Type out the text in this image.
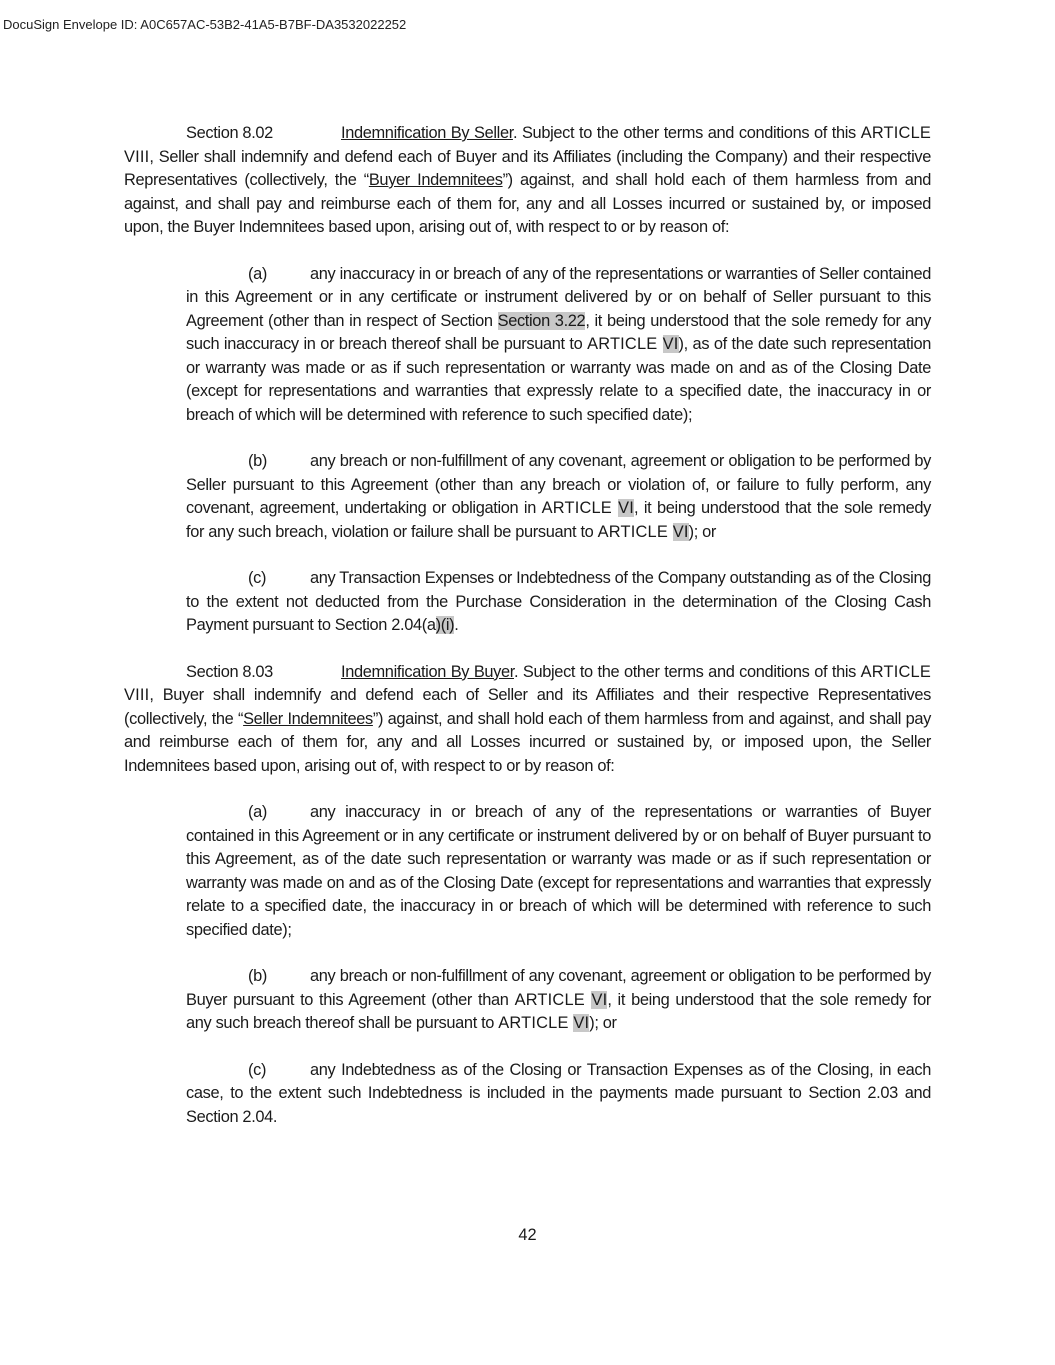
DocuSign Envelope ID: A0C657AC-53B2-41A5-B7BF-DA3532022252

Section 8.02	Indemnification By Seller. Subject to the other terms and conditions of this ARTICLE VIII, Seller shall indemnify and defend each of Buyer and its Affiliates (including the Company) and their respective Representatives (collectively, the “Buyer Indemnitees”) against, and shall hold each of them harmless from and against, and shall pay and reimburse each of them for, any and all Losses incurred or sustained by, or imposed upon, the Buyer Indemnitees based upon, arising out of, with respect to or by reason of:

(a)	any inaccuracy in or breach of any of the representations or warranties of Seller contained in this Agreement or in any certificate or instrument delivered by or on behalf of Seller pursuant to this Agreement (other than in respect of Section Section 3.22, it being understood that the sole remedy for any such inaccuracy in or breach thereof shall be pursuant to ARTICLE VI), as of the date such representation or warranty was made or as if such representation or warranty was made on and as of the Closing Date (except for representations and warranties that expressly relate to a specified date, the inaccuracy in or breach of which will be determined with reference to such specified date);

(b)	any breach or non-fulfillment of any covenant, agreement or obligation to be performed by Seller pursuant to this Agreement (other than any breach or violation of, or failure to fully perform, any covenant, agreement, undertaking or obligation in ARTICLE VI, it being understood that the sole remedy for any such breach, violation or failure shall be pursuant to ARTICLE VI); or

(c)	any Transaction Expenses or Indebtedness of the Company outstanding as of the Closing to the extent not deducted from the Purchase Consideration in the determination of the Closing Cash Payment pursuant to Section 2.04(a)(i).

Section 8.03	Indemnification By Buyer. Subject to the other terms and conditions of this ARTICLE VIII, Buyer shall indemnify and defend each of Seller and its Affiliates and their respective Representatives (collectively, the “Seller Indemnitees”) against, and shall hold each of them harmless from and against, and shall pay and reimburse each of them for, any and all Losses incurred or sustained by, or imposed upon, the Seller Indemnitees based upon, arising out of, with respect to or by reason of:

(a)	any inaccuracy in or breach of any of the representations or warranties of Buyer contained in this Agreement or in any certificate or instrument delivered by or on behalf of Buyer pursuant to this Agreement, as of the date such representation or warranty was made or as if such representation or warranty was made on and as of the Closing Date (except for representations and warranties that expressly relate to a specified date, the inaccuracy in or breach of which will be determined with reference to such specified date);

(b)	any breach or non-fulfillment of any covenant, agreement or obligation to be performed by Buyer pursuant to this Agreement (other than ARTICLE VI, it being understood that the sole remedy for any such breach thereof shall be pursuant to ARTICLE VI); or

(c)	any Indebtedness as of the Closing or Transaction Expenses as of the Closing, in each case, to the extent such Indebtedness is included in the payments made pursuant to Section 2.03 and Section 2.04.

42
